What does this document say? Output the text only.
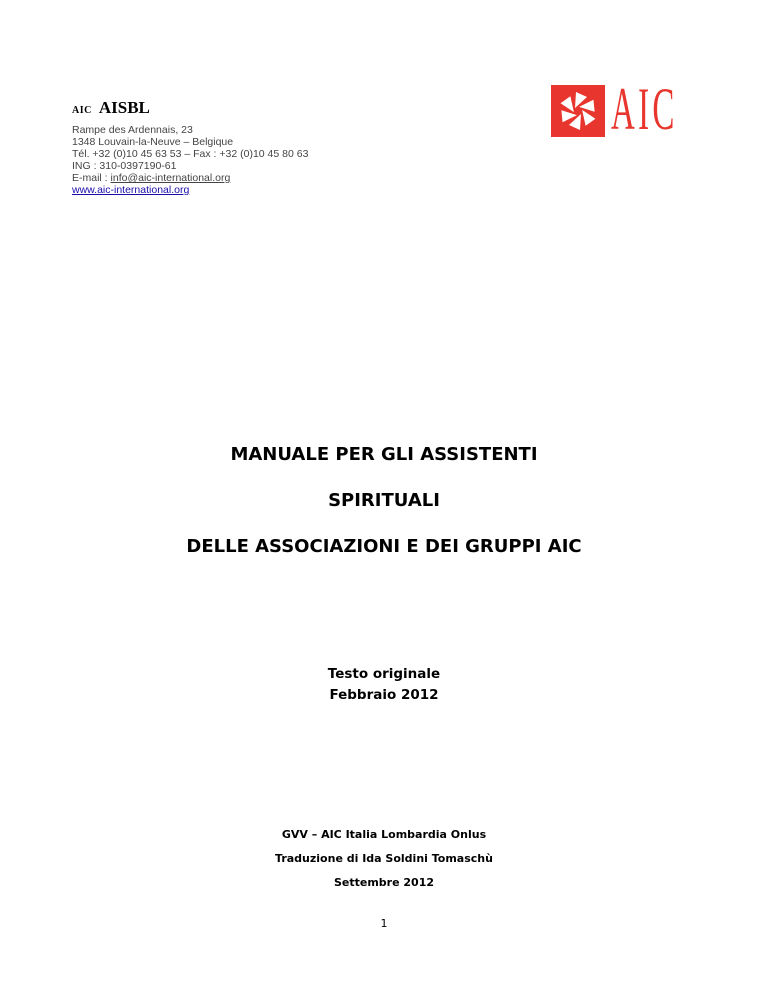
AIC AISBL
Rampe des Ardennais, 23
1348 Louvain-la-Neuve – Belgique
Tél. +32 (0)10 45 63 53 – Fax : +32 (0)10 45 80 63
ING : 310-0397190-61
E-mail : info@aic-international.org
www.aic-international.org
AIC
MANUALE PER GLI ASSISTENTI
SPIRITUALI
DELLE ASSOCIAZIONI E DEI GRUPPI AIC
Testo originale
Febbraio 2012
GVV – AIC Italia Lombardia Onlus
Traduzione di Ida Soldini Tomaschù
Settembre 2012
1
